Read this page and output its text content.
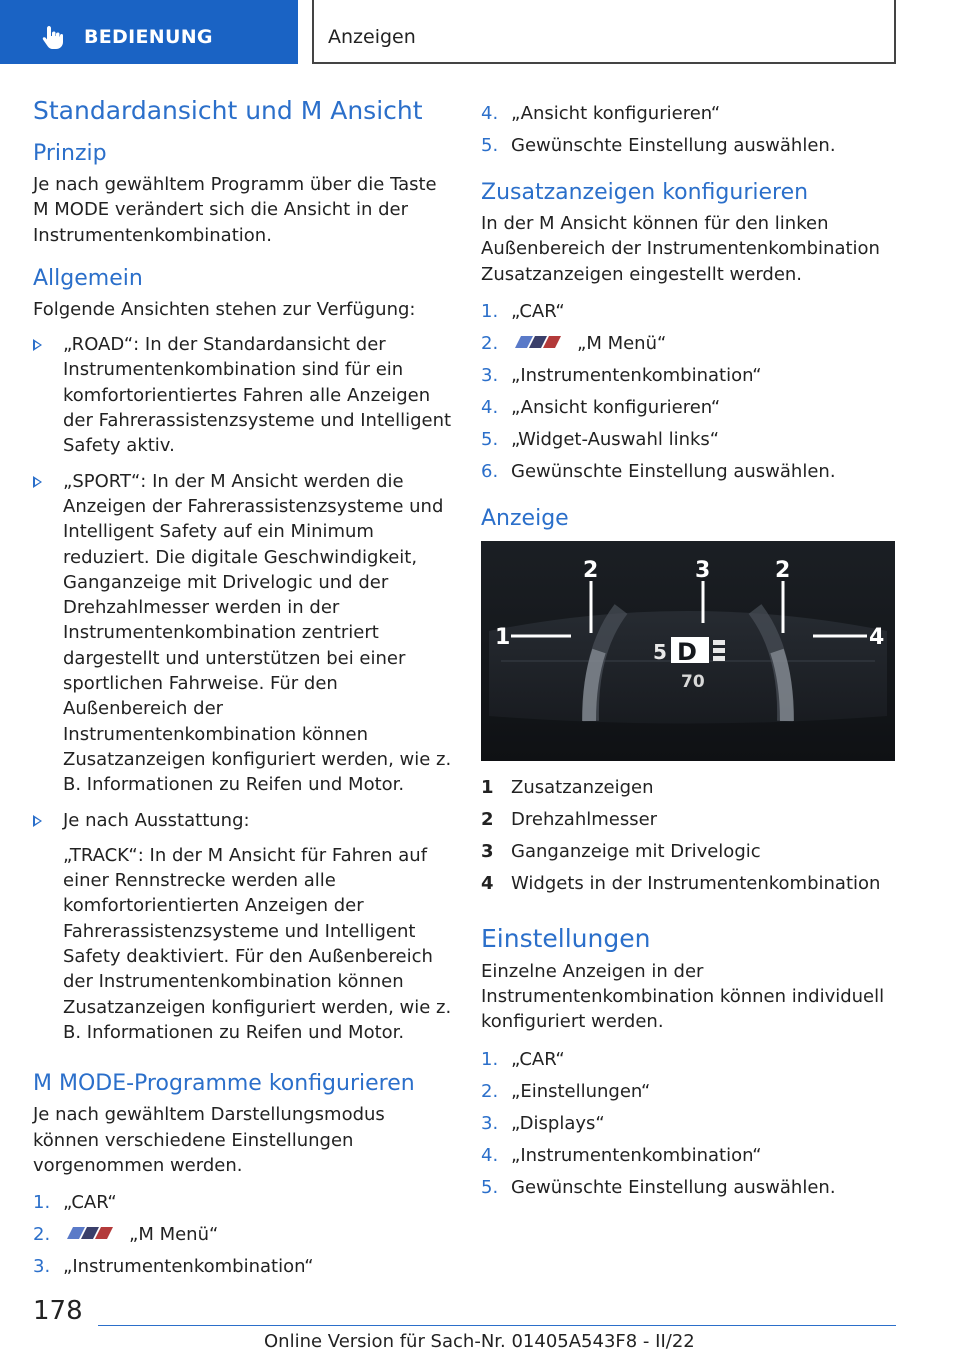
BEDIENUNG	Anzeigen
Standardansicht und M Ansicht
Prinzip

Je nach gewähltem Programm über die Taste M MODE verändert sich die Ansicht in der Instrumentenkombination.

Allgemein

Folgende Ansichten stehen zur Verfügung:

„ROAD“: In der Standardansicht der Instrumentenkombination sind für ein komfortorientiertes Fahren alle Anzeigen der Fahrerassistenzsysteme und Intelligent Safety aktiv.
„SPORT“: In der M Ansicht werden die Anzeigen der Fahrerassistenzsysteme und Intelligent Safety auf ein Minimum reduziert. Die digitale Geschwindigkeit, Ganganzeige mit Drivelogic und der Drehzahlmesser werden in der Instrumentenkombination zentriert dargestellt und unterstützen bei einer sportlichen Fahrweise. Für den Außenbereich der Instrumentenkombination können Zusatzanzeigen konfiguriert werden, wie z. B. Informationen zu Reifen und Motor.
Je nach Ausstattung:
„TRACK“: In der M Ansicht für Fahren auf einer Rennstrecke werden alle komfortorientierten Anzeigen der Fahrerassistenzsysteme und Intelligent Safety deaktiviert. Für den Außenbereich der Instrumentenkombination können Zusatzanzeigen konfiguriert werden, wie z. B. Informationen zu Reifen und Motor.
M MODE-Programme konfigurieren

Je nach gewähltem Darstellungsmodus können verschiedene Einstellungen vorgenommen werden.

1. „CAR“
2.	„M Menü“
3. „Instrumentenkombination“
4. „Ansicht konfigurieren“
5. Gewünschte Einstellung auswählen.
Zusatzanzeigen konfigurieren

In der M Ansicht können für den linken Außenbereich der Instrumentenkombination Zusatzanzeigen eingestellt werden.

1. „CAR“
2.	„M Menü“
3. „Instrumentenkombination“
4. „Ansicht konfigurieren“
5. „Widget-Auswahl links“
6. Gewünschte Einstellung auswählen.
Anzeige
1
2	3	2
4
5 D
70
1 Zusatzanzeigen
2 Drehzahlmesser
3 Ganganzeige mit Drivelogic
4 Widgets in der Instrumentenkombination
Einstellungen

Einzelne Anzeigen in der Instrumentenkombination können individuell konfiguriert werden.

1. „CAR“
2. „Einstellungen“
3. „Displays“
4. „Instrumentenkombination“
5. Gewünschte Einstellung auswählen.
178
Online Version für Sach-Nr. 01405A543F8 - II/22
